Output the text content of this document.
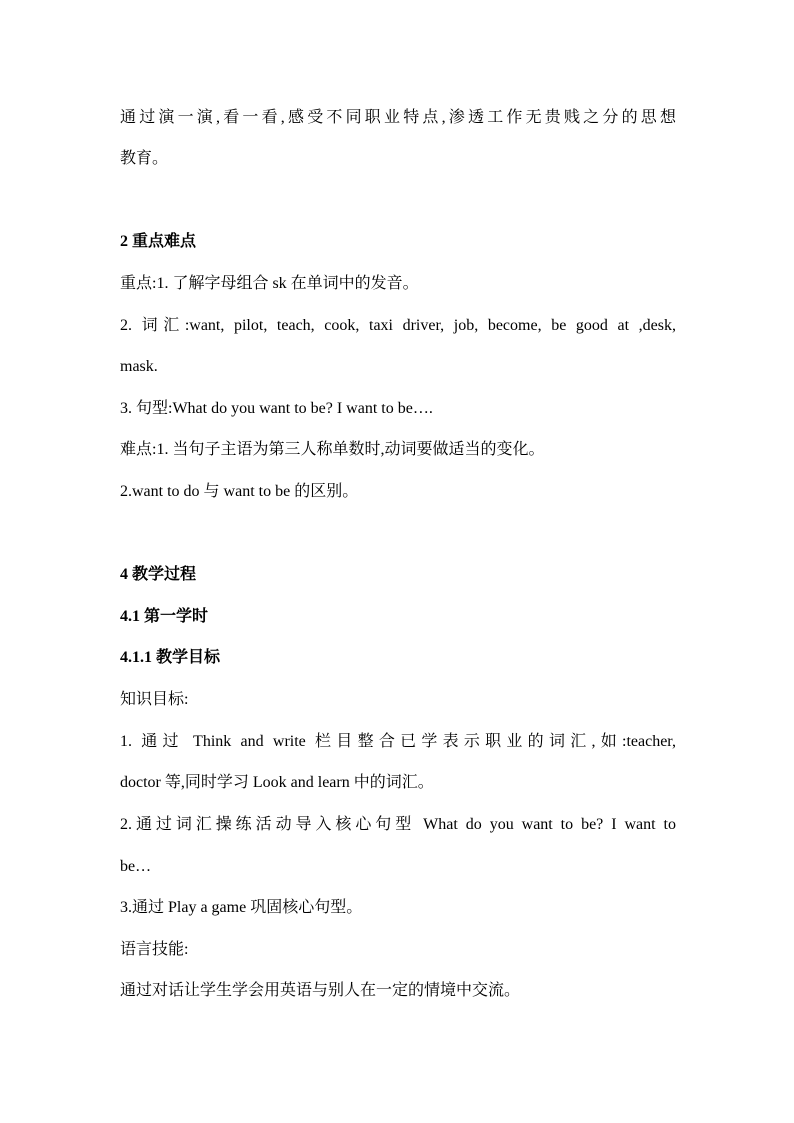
通过演一演,看一看,感受不同职业特点,渗透工作无贵贱之分的思想

教育。

2 重点难点

重点:1. 了解字母组合 sk 在单词中的发音。

2. 词汇:want, pilot, teach, cook, taxi driver, job, become, be good at ,desk,

mask.

3. 句型:What do you want to be? I want to be….

难点:1. 当句子主语为第三人称单数时,动词要做适当的变化。

2.want to do 与 want to be 的区别。

4 教学过程

4.1 第一学时

4.1.1 教学目标

知识目标:

1. 通过 Think and write 栏目整合已学表示职业的词汇,如:teacher,

doctor 等,同时学习 Look and learn 中的词汇。

2.通过词汇操练活动导入核心句型 What do you want to be? I want to

be…

3.通过 Play a game 巩固核心句型。

语言技能:

通过对话让学生学会用英语与别人在一定的情境中交流。
